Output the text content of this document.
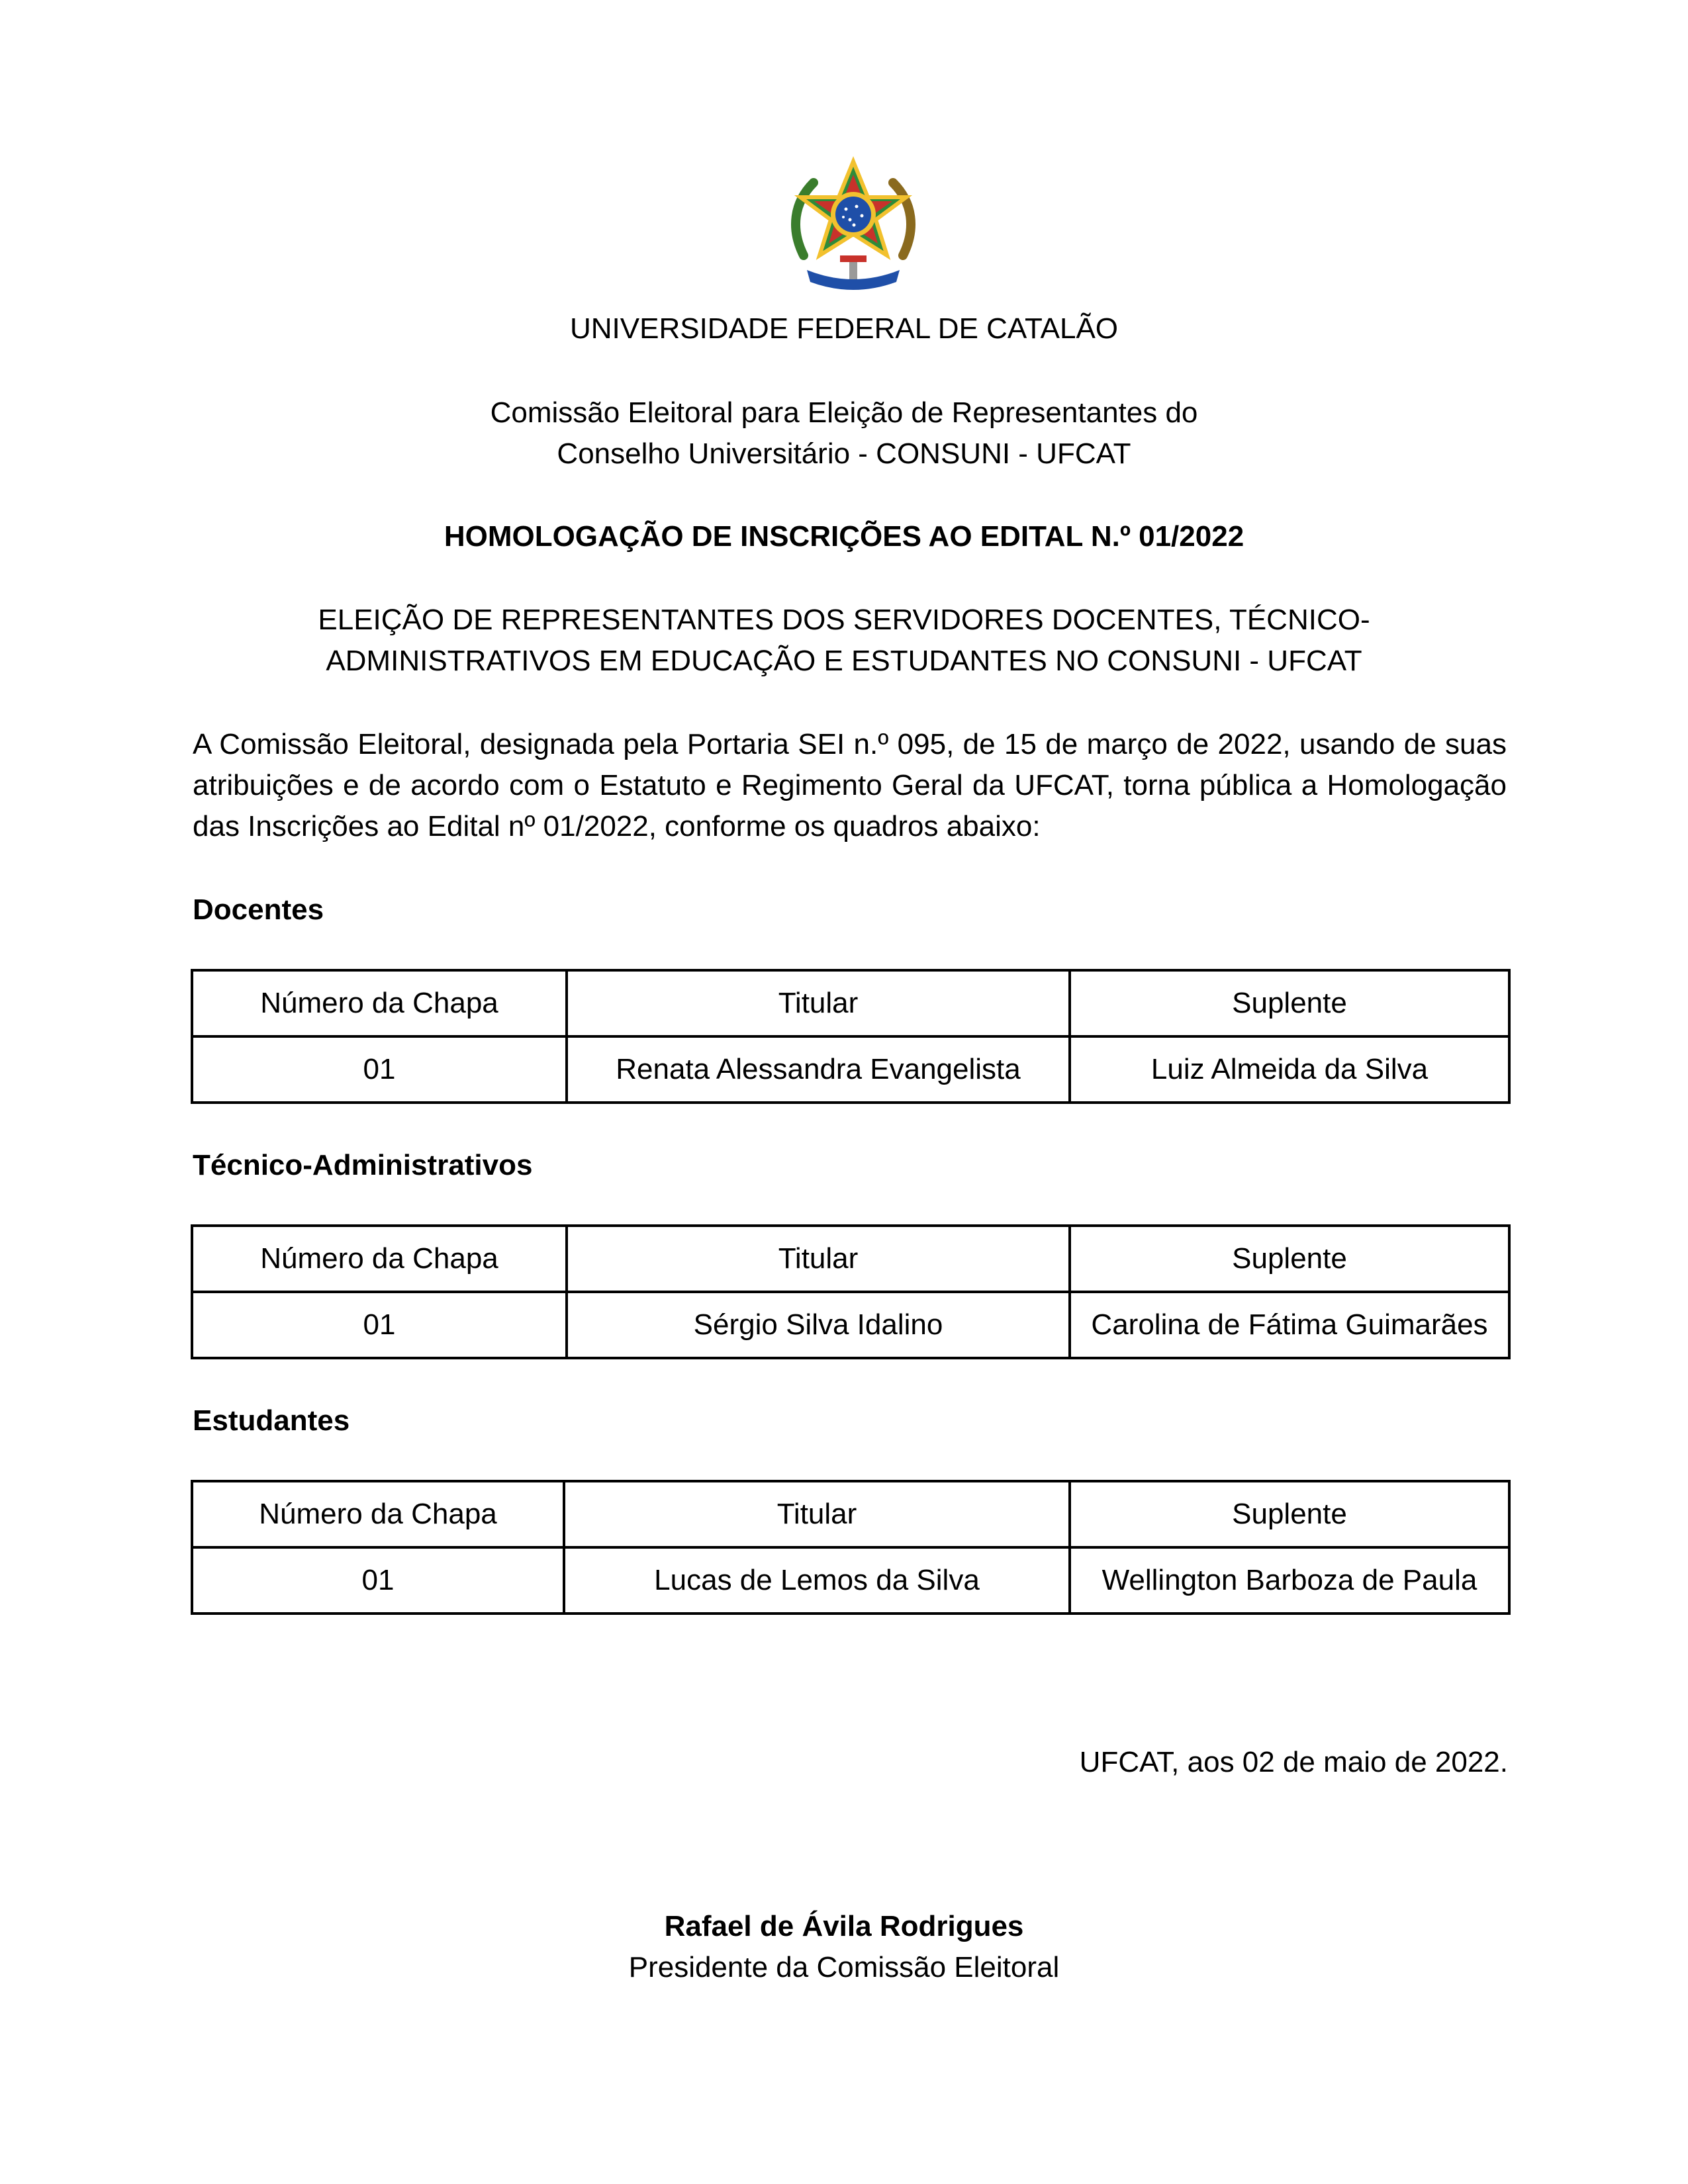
UNIVERSIDADE FEDERAL DE CATALÃO
Comissão Eleitoral para Eleição de Representantes do
Conselho Universitário - CONSUNI - UFCAT
HOMOLOGAÇÃO DE INSCRIÇÕES AO EDITAL N.º 01/2022
ELEIÇÃO DE REPRESENTANTES DOS SERVIDORES DOCENTES, TÉCNICO-
ADMINISTRATIVOS EM EDUCAÇÃO E ESTUDANTES NO CONSUNI - UFCAT
A Comissão Eleitoral, designada pela Portaria SEI n.º 095, de 15 de março de 2022, usando de suas atribuições e de acordo com o Estatuto e Regimento Geral da UFCAT, torna pública a Homologação das Inscrições ao Edital nº 01/2022, conforme os quadros abaixo:
Docentes
Número da Chapa	Titular	Suplente
01	Renata Alessandra Evangelista	Luiz Almeida da Silva
Técnico-Administrativos
Número da Chapa	Titular	Suplente
01	Sérgio Silva Idalino	Carolina de Fátima Guimarães
Estudantes
Número da Chapa	Titular	Suplente
01	Lucas de Lemos da Silva	Wellington Barboza de Paula
UFCAT, aos 02 de maio de 2022.
Rafael de Ávila Rodrigues
Presidente da Comissão Eleitoral
